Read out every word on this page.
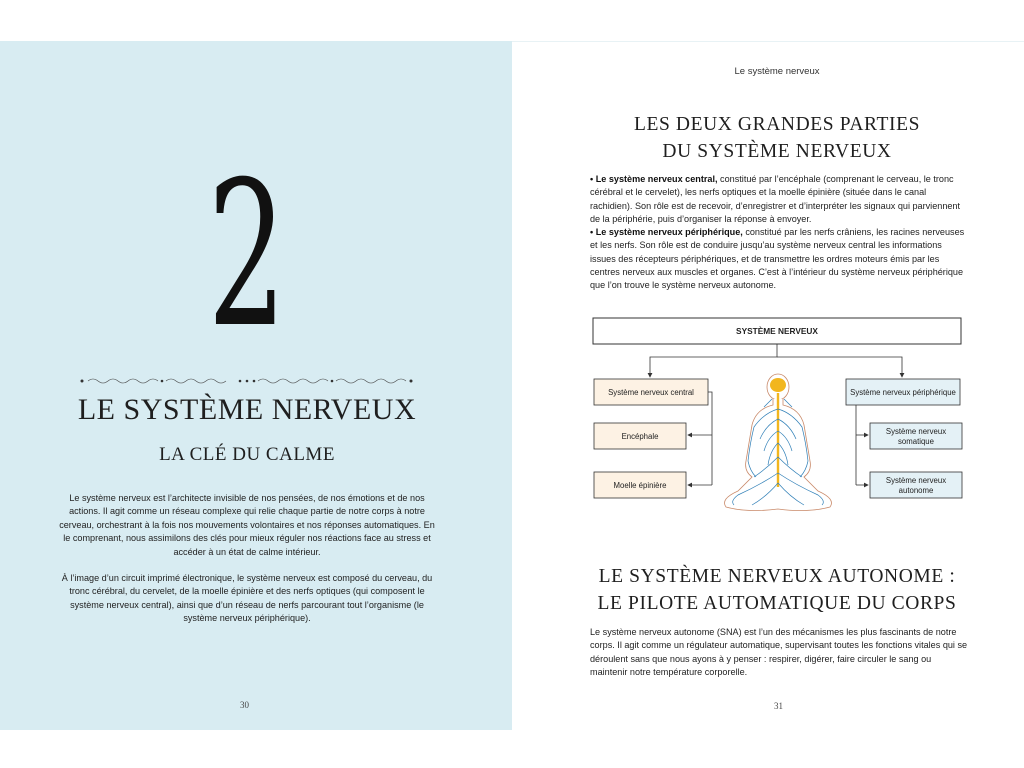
2
LE SYSTÈME NERVEUX
LA CLÉ DU CALME

Le système nerveux est l’architecte invisible de nos pensées, de nos émotions et de nos actions. Il agit comme un réseau complexe qui relie chaque partie de notre corps à notre cerveau, orchestrant à la fois nos mouvements volontaires et nos réponses automatiques. En le comprenant, nous assimilons des clés pour mieux réguler nos réactions face au stress et accéder à un état de calme intérieur.

À l’image d’un circuit imprimé électronique, le système nerveux est composé du cerveau, du tronc cérébral, du cervelet, de la moelle épinière et des nerfs optiques (qui composent le système nerveux central), ainsi que d’un réseau de nerfs parcourant tout l’organisme (le système nerveux périphérique).

30
Le système nerveux
LES DEUX GRANDES PARTIES
DU SYSTÈME NERVEUX

• Le système nerveux central, constitué par l’encéphale (comprenant le cerveau, le tronc cérébral et le cervelet), les nerfs optiques et la moelle épinière (située dans le canal rachidien). Son rôle est de recevoir, d’enregistrer et d’interpréter les signaux qui parviennent de la périphérie, puis d’organiser la réponse à envoyer.

• Le système nerveux périphérique, constitué par les nerfs crâniens, les racines nerveuses et les nerfs. Son rôle est de conduire jusqu’au système nerveux central les informations issues des récepteurs périphériques, et de transmettre les ordres moteurs émis par les centres nerveux aux muscles et organes. C’est à l’intérieur du système nerveux périphérique que l’on trouve le système nerveux autonome.

SYSTÈME NERVEUX
Système nerveux central	Système nerveux périphérique
Encéphale
Moelle épinière
Système nerveux
somatique
Système nerveux
autonome
LE SYSTÈME NERVEUX AUTONOME :
LE PILOTE AUTOMATIQUE DU CORPS

Le système nerveux autonome (SNA) est l’un des mécanismes les plus fascinants de notre corps. Il agit comme un régulateur automatique, supervisant toutes les fonctions vitales qui se déroulent sans que nous ayons à y penser : respirer, digérer, faire circuler le sang ou maintenir notre température corporelle.

31
